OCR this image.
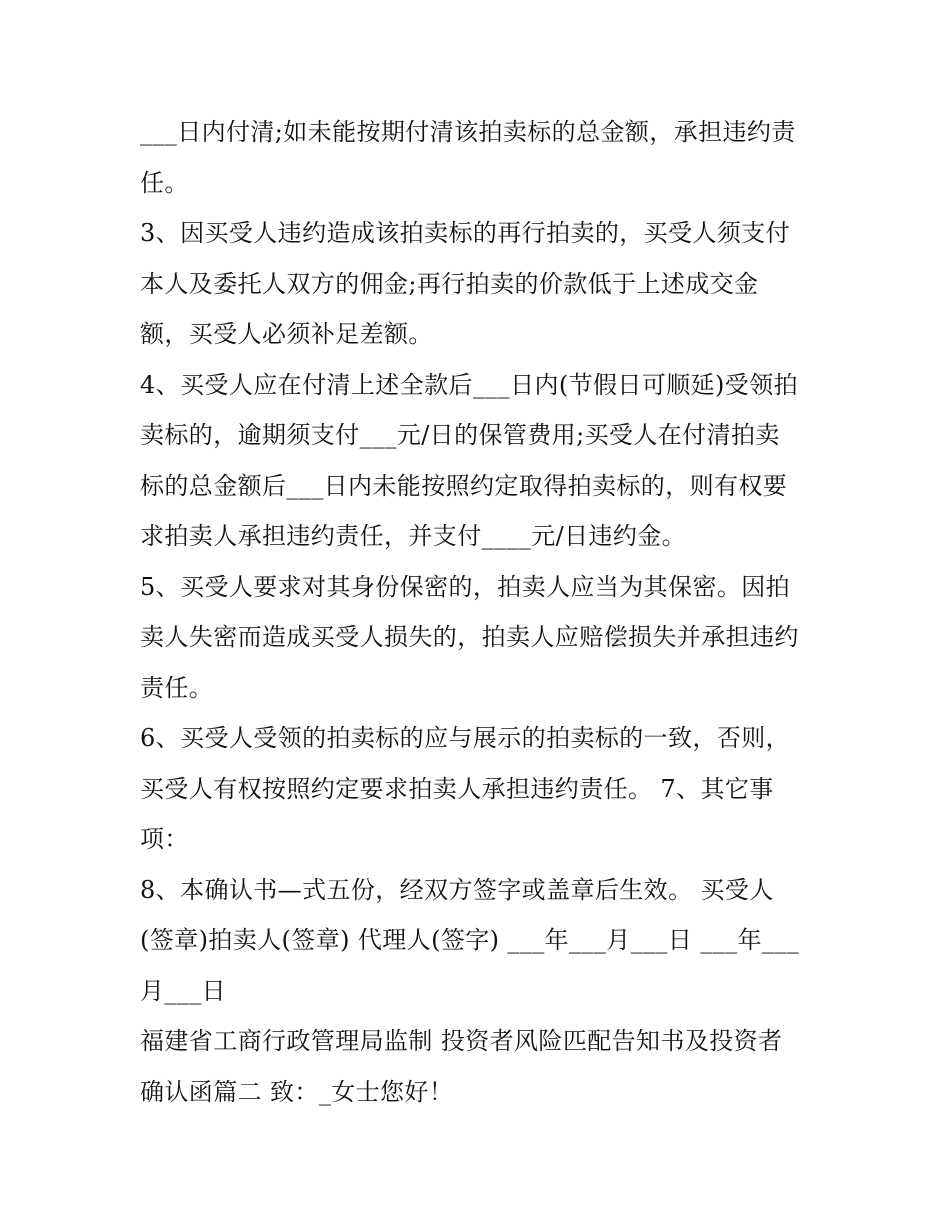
___日内付清;如未能按期付清该拍卖标的总金额，承担违约责
任。
3、因买受人违约造成该拍卖标的再行拍卖的，买受人须支付
本人及委托人双方的佣金;再行拍卖的价款低于上述成交金
额，买受人必须补足差额。
4、买受人应在付清上述全款后___日内(节假日可顺延)受领拍
卖标的，逾期须支付___元/日的保管费用;买受人在付清拍卖
标的总金额后___日内未能按照约定取得拍卖标的，则有权要
求拍卖人承担违约责任，并支付____元/日违约金。
5、买受人要求对其身份保密的，拍卖人应当为其保密。因拍
卖人失密而造成买受人损失的，拍卖人应赔偿损失并承担违约
责任。
6、买受人受领的拍卖标的应与展示的拍卖标的一致，否则，
买受人有权按照约定要求拍卖人承担违约责任。 7、其它事
项：
8、本确认书—式五份，经双方签字或盖章后生效。 买受人
(签章)拍卖人(签章) 代理人(签字) ___年___月___日 ___年___
月___日
福建省工商行政管理局监制 投资者风险匹配告知书及投资者
确认函篇二 致：_女士您好！
